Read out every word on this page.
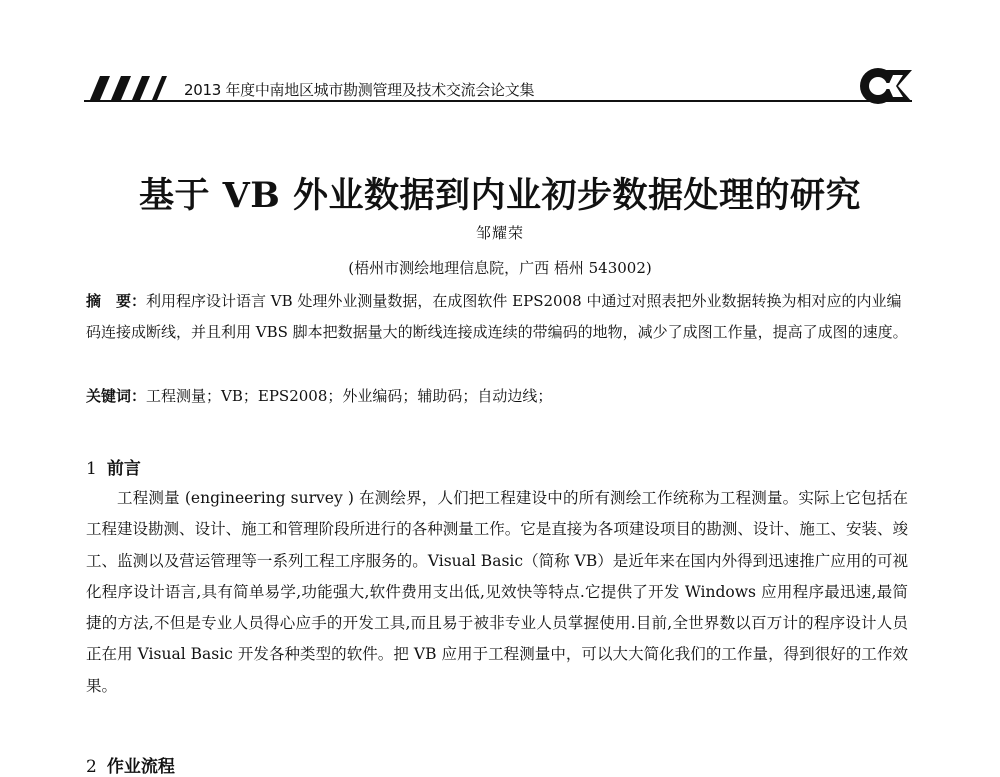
2013 年度中南地区城市勘测管理及技术交流会论文集
基于 VB 外业数据到内业初步数据处理的研究
邹耀荣
(梧州市测绘地理信息院，广西 梧州 543002)
摘　要：利用程序设计语言 VB 处理外业测量数据，在成图软件 EPS2008 中通过对照表把外业数据转换为相对应的内业编码连接成断线，并且利用 VBS 脚本把数据量大的断线连接成连续的带编码的地物，减少了成图工作量，提高了成图的速度。
关键词：工程测量；VB；EPS2008；外业编码；辅助码；自动边线；
1 前言
工程测量 (engineering survey ) 在测绘界，人们把工程建设中的所有测绘工作统称为工程测量。实际上它包括在工程建设勘测、设计、施工和管理阶段所进行的各种测量工作。它是直接为各项建设项目的勘测、设计、施工、安装、竣工、监测以及营运管理等一系列工程工序服务的。Visual Basic（简称 VB）是近年来在国内外得到迅速推广应用的可视化程序设计语言,具有简单易学,功能强大,软件费用支出低,见效快等特点.它提供了开发 Windows 应用程序最迅速,最简捷的方法,不但是专业人员得心应手的开发工具,而且易于被非专业人员掌握使用.目前,全世界数以百万计的程序设计人员正在用 Visual Basic 开发各种类型的软件。把 VB 应用于工程测量中，可以大大简化我们的工作量，得到很好的工作效果。
2 作业流程
